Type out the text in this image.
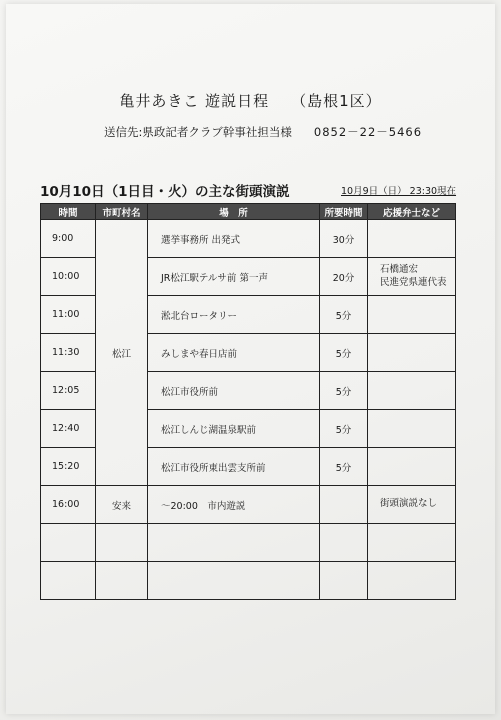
亀井あきこ 遊説日程 （島根1区）
送信先:県政記者クラブ幹事社担当様 0852－22－5466
10月10日（1日目・火）の主な街頭演説	10月9日（日） 23:30現在
時間	市町村名	場　所	所要時間	応援弁士など
9:00	松江	選挙事務所 出発式	30分	
10:00		JR松江駅テルサ前 第一声	20分	石橋通宏
民進党県連代表

11:00		淞北台ロータリー	5分	
11:30		みしまや春日店前	5分	
12:05		松江市役所前	5分	
12:40		松江しんじ湖温泉駅前	5分	
15:20		松江市役所東出雲支所前	5分	
16:00	安来	～20:00　市内遊説		街頭演説なし
